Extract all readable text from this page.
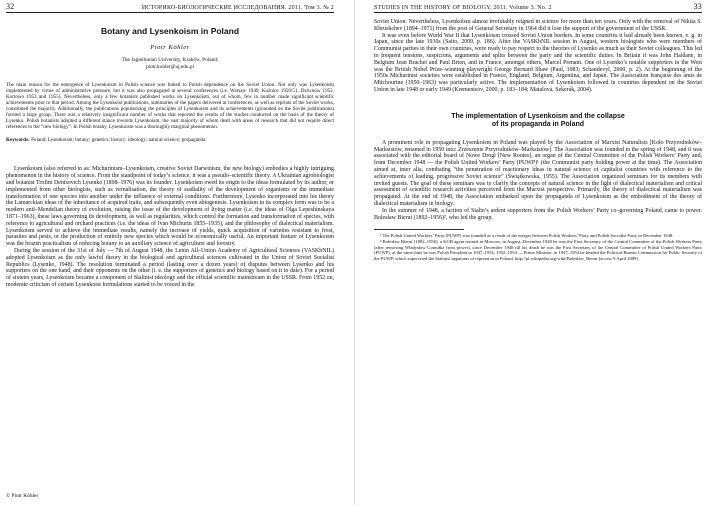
32	ИСТОРИКО-БИОЛОГИЧЕСКИЕ ИССЛЕДОВАНИЯ. 2011. Том 3. № 2
Botany and Lysenkoism in Poland
Piotr Köhler
The Jagiellonian University, Kraków, Poland;
piotr.kohler@uj.edu.pl

The main reason for the emergence of Lysenkoism in Polish science was linked to Polish dependence on the Soviet Union. Not only was Lysenkoism implemented by virtue of administrative pressure, but it was also propagated at several conferences (i.e. Warsaw 1949, Kuźnice 1950/51, Dziwnów 1952, Kortowo 1953 and 1955). Nevertheless, only a few botanists published works on Lysenkoism, out of whom, few in number made significant scientific achievements prior to that period. Among the Lysenkoist publications, summaries of the papers delivered at conferences, as well as reprints of the Soviet works, constituted the majority. Additionally, the publications popularizing the principles of Lysenkoism and its achievements (grounded on the Soviet publications) formed a large group. There was a relatively insignificant number of works that reported the results of the studies conducted on the basis of the theory of Lysenko. Polish botanists adopted a different stance towards Lysenkoism, the vast majority of whom dealt with areas of research that did not require direct references to the “new biology”. In Polish botany, Lysenkoism was a thoroughly marginal phenomenon.

Keywords: Poland; Lysenkoism; botany; genetics; history; ideology; natural science; propaganda.

Lysenkoism (also referred to as: Michurinism–Lysenkoism, creative Soviet Darwinism, the new biology) embodies a highly intriguing phenomenon in the history of science. From the standpoint of today’s science, it was a pseudo–scientific theory. A Ukrainian agrobiologist and botanist Trofim Denisovich Lysenko (1898–1976) was its founder. Lysenkoism owed its origin to the ideas formulated by its author, or implemented from other biologists, such as vernalisation, the theory of stadiality of the development of organisms or the immediate transformation of one species into another under the influence of external conditions. Furthermore, Lysenko incorporated into his theory the Lamarckian ideas of the inheritance of acquired traits, and subsequently even abiogenesis. Lysenkoism in its complex form was to be a modern anti–Mendelian theory of evolution, raising the issue of the development of living matter (i.e. the ideas of Olga Lepeshinskaya 1871–1963), these laws governing its development, as well as regularities, which control the formation and transformation of species, with reference to agricultural and orchard practices (i.e. the ideas of Ivan Michurin 1855–1935), and the philosophy of dialectical materialism. Lysenkoism served to achieve the immediate results, namely the increase of yields, quick acquisition of varieties resistant to frost, parasites and pests, or the production of entirely new species which would be economically useful. An important feature of Lysenkoism was the brazen practicalism of reducing botany to an auxiliary science of agriculture and forestry.

During the session of the 31st of July — 7th of August 1948, the Lenin All–Union Academy of Agricultural Sciences (VASKhNIL) adopted Lysenkoism as the only lawful theory in the biological and agricultural sciences cultivated in the Union of Soviet Socialist Republics (Lysenko, 1948). The resolution terminated a period (lasting over a dozen years) of disputes between Lysenko and his supporters on the one hand, and their opponents on the other (i. e. the supporters of genetics and biology based on it to date). For a period of sixteen years, Lysenkoism became a component of Stalinist ideology and the official scientific mainstream in the USSR. From 1952 on, moderate criticism of certain Lysenkoist formulations started to be voiced in the

© Piotr Köhler
STUDIES IN THE HISTORY OF BIOLOGY. 2011. Volume 3. No. 2	33

Soviet Union. Nevertheless, Lysenkoism almost irrefutably reigned in science for more than ten years. Only with the removal of Nikita S. Khrushchev (1894–1971) from the post of General Secretary in 1964 did it lose the support of the government of the USSR.

It was even before World War II that Lysenkoism crossed Soviet Union borders. In some countries it had already been known, e. g. in Japan, since the late 1930s (Saito, 2009, p. 186). After the VASKhNIL session in August, western biologists who were members of Communist parties in their own countries, were ready to pay respect to the theories of Lysenko as much as their Soviet colleagues. This led to frequent tensions, suspicions, arguments and splits between the party and the scientific duties. In Britain it was John Haldane, in Belgium Jean Brachet and Paul Brien, and in France, amongst others, Marcel Prenant. One of Lysenko’s notable supporters in the West was the British Nobel Prize–winning playwright George Bernard Shaw (Paul, 1983; Schandevyl, 2000, p. 2). At the beginning of the 1950s Michurinist societies were established in France, England, Belgium, Argentina, and Japan. The Association française des amis de Mitchourine (1950–1963) was particularly active. The implementation of Lysenkoism followed in countries dependent on the Soviet Union in late 1948 or early 1949 (Krementsov, 2000, p. 183–184; Matalová, Sekerák, 2004).

The implementation of Lysenkoism and the collapse
of its propaganda in Poland

A prominent role in propagating Lysenkoism in Poland was played by the Association of Marxist Naturalists [Koło Przyrodników–Marksistów, renamed in 1950 into: Zrzeszenie Przyrodników–Marksistów]. The Association was founded in the spring of 1948, and it was associated with the editorial board of Nowe Drogi [New Routes], an organ of the Central Committee of the Polish Workers’ Party and, from December 1948 — the Polish United Workers’ Party (PUWP)¹ (the Communist party holding power at the time). The Association aimed at, inter alia, combating “the penetration of reactionary ideas in natural science of capitalist countries with reference to the achievements of leading, progressive Soviet science” (Świątkowska, 1955). The Association organized seminars for its members with invited guests. The goal of these seminars was to clarify the concepts of natural science in the light of dialectical materialism and critical assessment of scientific research activities perceived from the Marxist perspective. Primarily, the theory of dialectical materialism was propagated. At the end of 1948, the Association embarked upon the propaganda of Lysenkoism as the embodiment of the theory of dialectical materialism in biology.

In the summer of 1948, a faction of Stalin’s ardent supporters from the Polish Workers’ Party co–governing Poland, came to power. Bolesław Bierut (1892–1956)², who led the group,

¹ The Polish United Workers’ Party (PUWP) was founded as a result of the merger between Polish Workers’ Party and Polish Socialist Party in December 1948.

² Bolesław Bierut (1892–1956), a KGB agent trained in Moscow, in August–December 1948 he was the First Secretary of the Central Committee of the Polish Workers Party (after removing Władysław Gomułka from power), since December 1948 till his death he was the First Secretary of the Central Committee of Polish United Workers Party (PUWP), at the same time he was Polish President in 1947–1952; 1952–1954 — Prime Minister, in 1947–1954 he headed the Political Bureau Commission for Public Security of the PUWP, which supervised the Stalinist apparatus of repression in Poland. http://pl.wikipedia.org/wiki/Bolesław_Bierut [access 9 April 2009].
